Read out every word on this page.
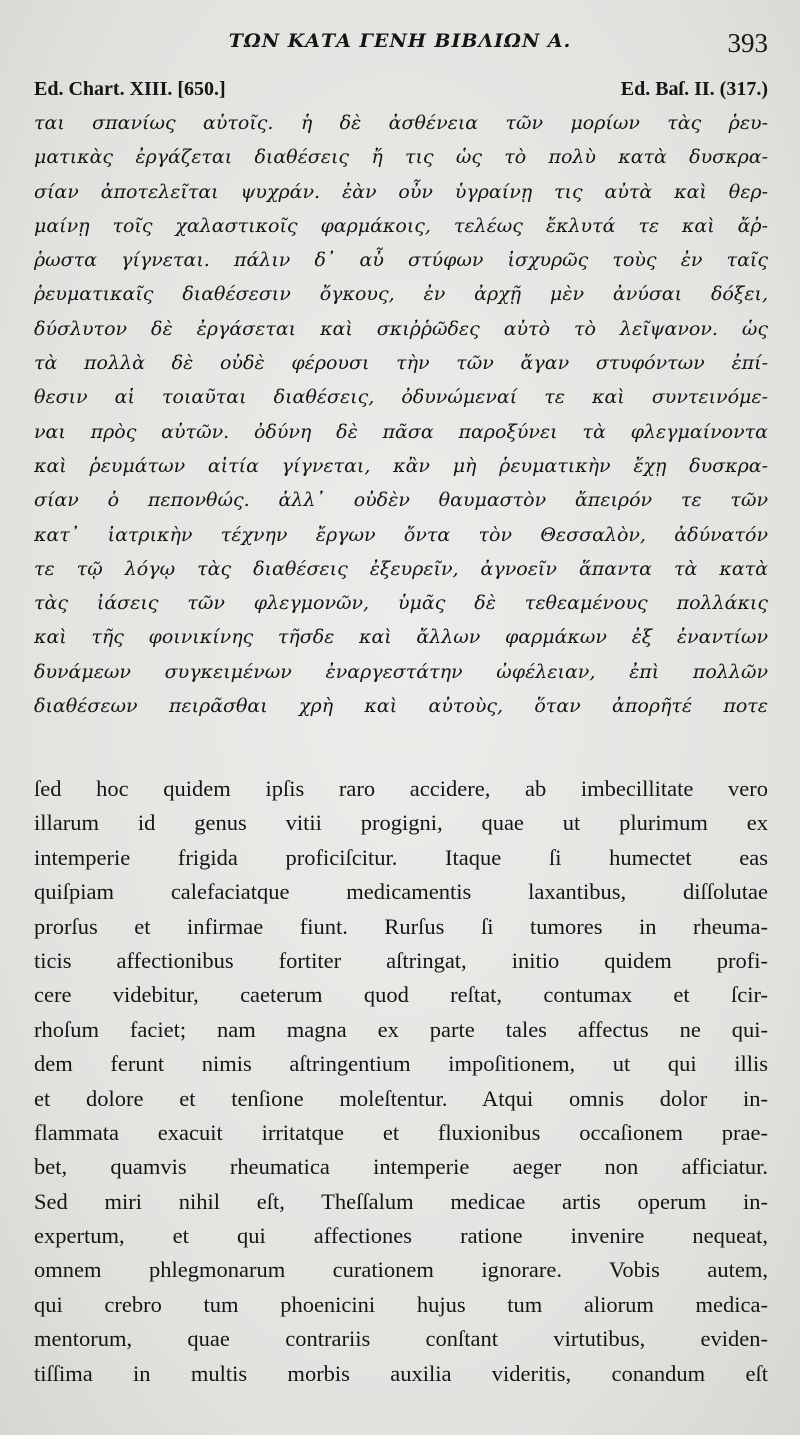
ΤΩΝ ΚΑΤΑ ΓΕΝΗ ΒΙΒΛΙΩΝ Α.	393
Ed. Chart. XIII. [650.]	Ed. Baſ. II. (317.)
ται σπανίως αὐτοῖς. ἡ δὲ ἀσθένεια τῶν μορίων τὰς ῥευ-
ματικὰς ἐργάζεται διαθέσεις ἤ τις ὡς τὸ πολὺ κατὰ δυσκρα-
σίαν ἀποτελεῖται ψυχράν. ἐὰν οὖν ὑγραίνῃ τις αὐτὰ καὶ θερ-
μαίνῃ τοῖς χαλαστικοῖς φαρμάκοις, τελέως ἔκλυτά τε καὶ ἄῤ-
ῥωστα γίγνεται. πάλιν δ᾽ αὖ στύφων ἰσχυρῶς τοὺς ἐν ταῖς
ῥευματικαῖς διαθέσεσιν ὄγκους, ἐν ἀρχῇ μὲν ἀνύσαι δόξει,
δύσλυτον δὲ ἐργάσεται καὶ σκιῤῥῶδες αὐτὸ τὸ λεῖψανον. ὡς
τὰ πολλὰ δὲ οὐδὲ φέρουσι τὴν τῶν ἄγαν στυφόντων ἐπί-
θεσιν αἱ τοιαῦται διαθέσεις, ὀδυνώμεναί τε καὶ συντεινόμε-
ναι πρὸς αὐτῶν. ὀδύνη δὲ πᾶσα παροξύνει τὰ φλεγμαίνοντα
καὶ ῥευμάτων αἰτία γίγνεται, κἂν μὴ ῥευματικὴν ἔχῃ δυσκρα-
σίαν ὁ πεπονθώς. ἀλλ᾽ οὐδὲν θαυμαστὸν ἄπειρόν τε τῶν
κατ᾽ ἰατρικὴν τέχνην ἔργων ὄντα τὸν Θεσσαλὸν, ἀδύνατόν
τε τῷ λόγῳ τὰς διαθέσεις ἐξευρεῖν, ἀγνοεῖν ἅπαντα τὰ κατὰ
τὰς ἰάσεις τῶν φλεγμονῶν, ὑμᾶς δὲ τεθεαμένους πολλάκις
καὶ τῆς φοινικίνης τῆσδε καὶ ἄλλων φαρμάκων ἐξ ἐναντίων
δυνάμεων συγκειμένων ἐναργεστάτην ὠφέλειαν, ἐπὶ πολλῶν
διαθέσεων πειρᾶσθαι χρὴ καὶ αὐτοὺς, ὅταν ἀπορῆτέ ποτε
ſed hoc quidem ipſis raro accidere, ab imbecillitate vero
illarum id genus vitii progigni, quae ut plurimum ex
intemperie frigida proficiſcitur. Itaque ſi humectet eas
quiſpiam calefaciatque medicamentis laxantibus, diſſolutae
prorſus et infirmae fiunt. Rurſus ſi tumores in rheuma-
ticis affectionibus fortiter aſtringat, initio quidem profi-
cere videbitur, caeterum quod reſtat, contumax et ſcir-
rhoſum faciet; nam magna ex parte tales affectus ne qui-
dem ferunt nimis aſtringentium impoſitionem, ut qui illis
et dolore et tenſione moleſtentur. Atqui omnis dolor in-
flammata exacuit irritatque et fluxionibus occaſionem prae-
bet, quamvis rheumatica intemperie aeger non afficiatur.
Sed miri nihil eſt, Theſſalum medicae artis operum in-
expertum, et qui affectiones ratione invenire nequeat,
omnem phlegmonarum curationem ignorare. Vobis autem,
qui crebro tum phoenicini hujus tum aliorum medica-
mentorum, quae contrariis conſtant virtutibus, eviden-
tiſſima in multis morbis auxilia videritis, conandum eſt
